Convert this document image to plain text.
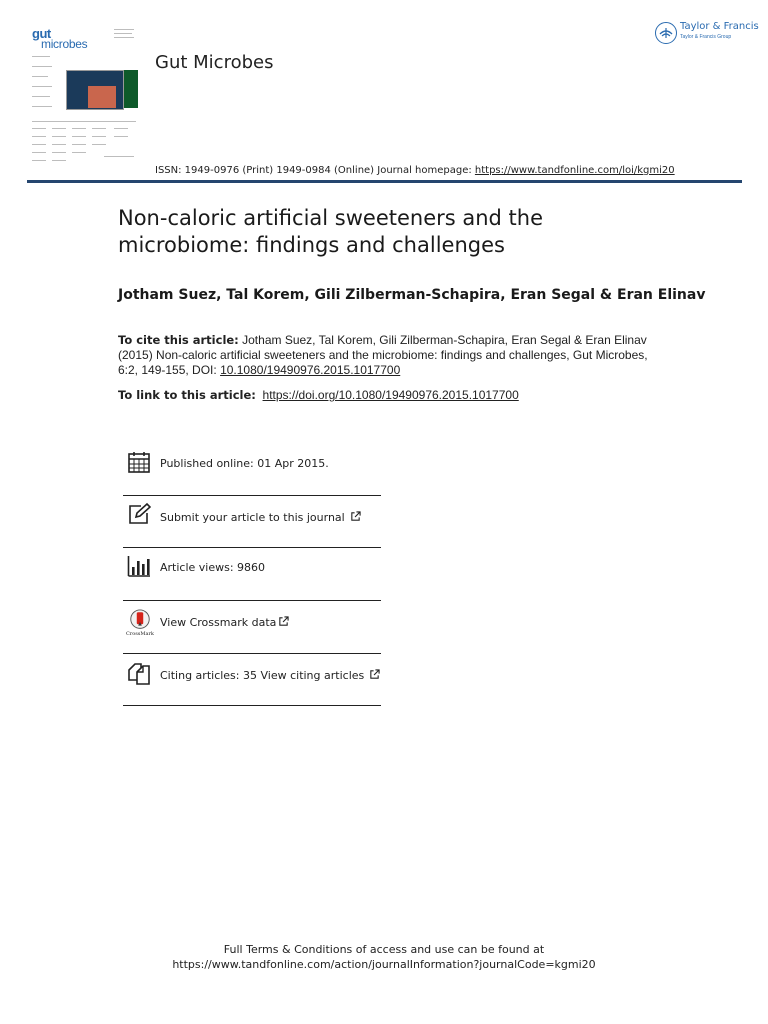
gut
microbes
Gut Microbes
Taylor & Francis
Taylor & Francis Group
ISSN: 1949-0976 (Print) 1949-0984 (Online) Journal homepage: https://www.tandfonline.com/loi/kgmi20
Non-caloric artificial sweeteners and the microbiome: findings and challenges
Jotham Suez, Tal Korem, Gili Zilberman-Schapira, Eran Segal & Eran Elinav
To cite this article: Jotham Suez, Tal Korem, Gili Zilberman-Schapira, Eran Segal & Eran Elinav (2015) Non-caloric artificial sweeteners and the microbiome: findings and challenges, Gut Microbes, 6:2, 149-155, DOI: 10.1080/19490976.2015.1017700
To link to this article: https://doi.org/10.1080/19490976.2015.1017700
Published online: 01 Apr 2015.
Submit your article to this journal
Article views: 9860
CrossMark
View Crossmark data
Citing articles: 35 View citing articles
Full Terms & Conditions of access and use can be found at
https://www.tandfonline.com/action/journalInformation?journalCode=kgmi20
